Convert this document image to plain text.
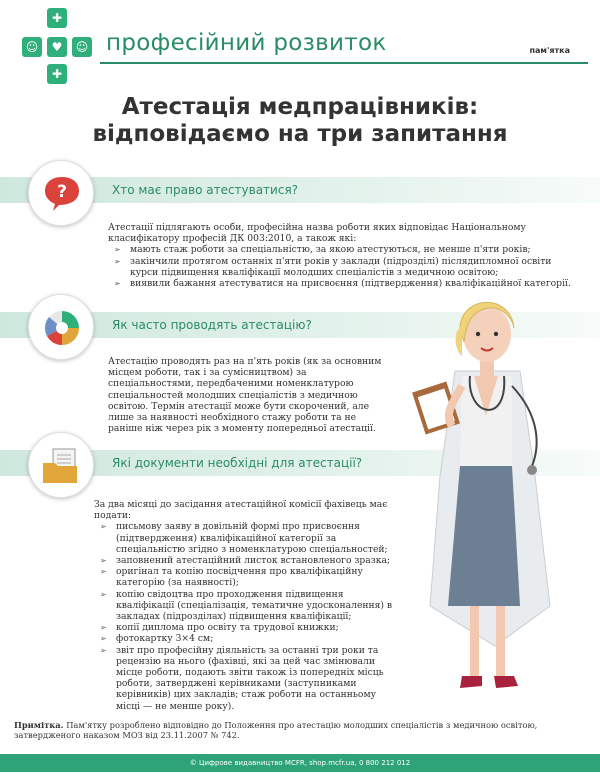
✚
☺	♥	☺
✚
професійний розвиток	пам'ятка
Атестація медпрацівників:
відповідаємо на три запитання
Хто має право атестуватися?
?
Атестації підлягають особи, професійна назва роботи яких відповідає Національному класифікатору професій ДК 003:2010, а також які:
➢ мають стаж роботи за спеціальністю, за якою атестуються, не менше п'яти років;
➢ закінчили протягом останніх п'яти років у заклади (підрозділі) післядипломної освіти курси підвищення кваліфікації молодших спеціалістів з медичною освітою;
➢ виявили бажання атестуватися на присвоєння (підтвердження) кваліфікаційної категорії.
Як часто проводять атестацію?
Атестацію проводять раз на п'ять років (як за основним місцем роботи, так і за сумісництвом) за спеціальностями, передбаченими номенклатурою спеціальностей молодших спеціалістів з медичною освітою. Термін атестації може бути скорочений, але лише за наявності необхідного стажу роботи та не раніше ніж через рік з моменту попередньої атестації.
Які документи необхідні для атестації?
За два місяці до засідання атестаційної комісії фахівець має подати:
➢ письмову заяву в довільній формі про присвоєння (підтвердження) кваліфікаційної категорії за спеціальністю згідно з номенклатурою спеціальностей;
➢ заповнений атестаційний листок встановленого зразка;
➢ оригінал та копію посвідчення про кваліфікаційну категорію (за наявності);
➢ копію свідоцтва про проходження підвищення кваліфікації (спеціалізація, тематичне удосконалення) в закладах (підрозділах) підвищення кваліфікації;
➢ копії диплома про освіту та трудової книжки;
➢ фотокартку 3×4 см;
➢ звіт про професійну діяльність за останні три роки та рецензію на нього (фахівці, які за цей час змінювали місце роботи, подають звіти також із попередніх місць роботи, затверджені керівниками (заступниками керівників) цих закладів; стаж роботи на останньому місці — не менше року).
Примітка. Пам'ятку розроблено відповідно до Положення про атестацію молодших спеціалістів з медичною освітою, затвердженого наказом МОЗ від 23.11.2007 № 742.
© Цифрове видавництво MCFR, shop.mcfr.ua, 0 800 212 012
